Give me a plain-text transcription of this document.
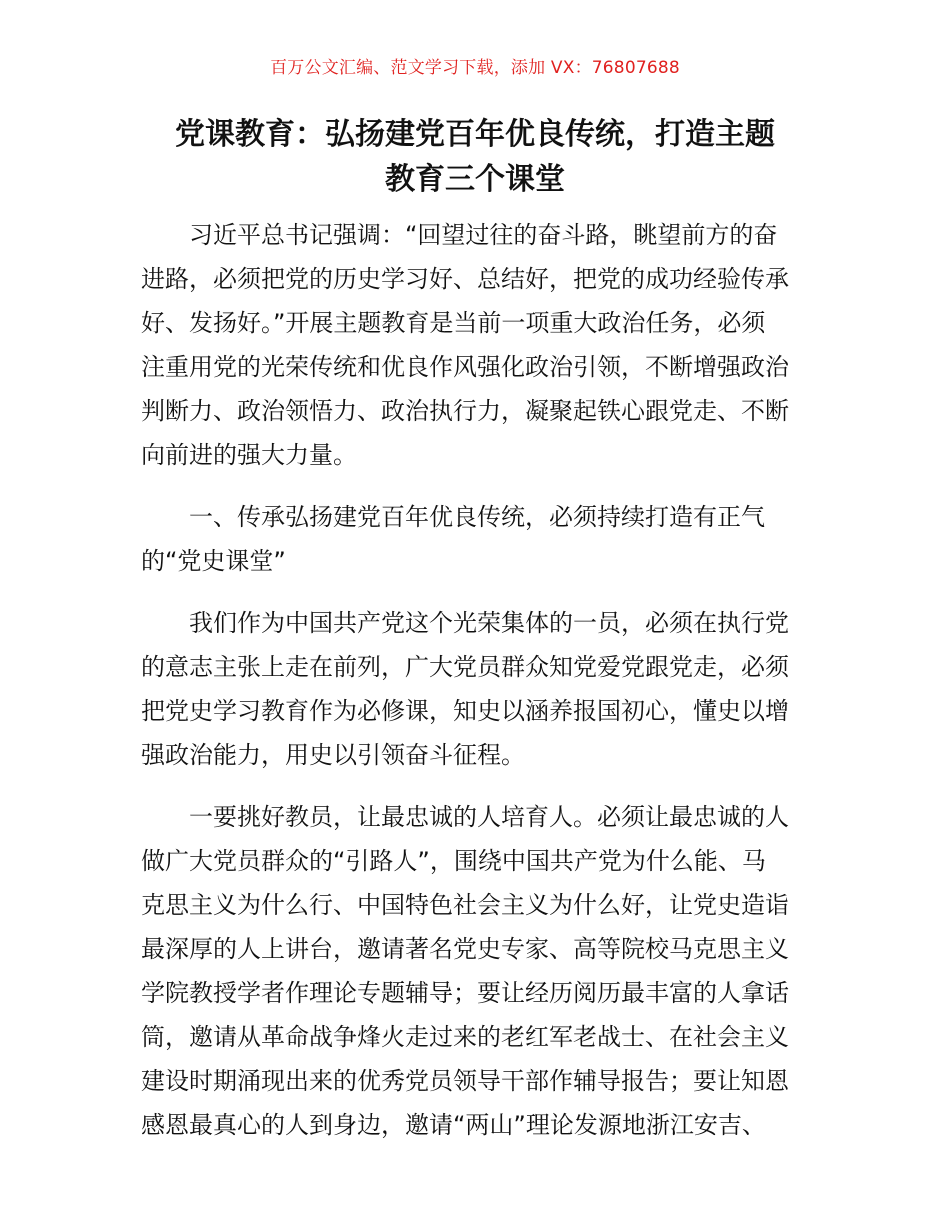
百万公文汇编、范文学习下载，添加 VX：76807688
党课教育：弘扬建党百年优良传统，打造主题
教育三个课堂

习近平总书记强调：“回望过往的奋斗路，眺望前方的奋
进路，必须把党的历史学习好、总结好，把党的成功经验传承
好、发扬好。”开展主题教育是当前一项重大政治任务，必须
注重用党的光荣传统和优良作风强化政治引领，不断增强政治
判断力、政治领悟力、政治执行力，凝聚起铁心跟党走、不断
向前进的强大力量。

一、传承弘扬建党百年优良传统，必须持续打造有正气
的“党史课堂”

我们作为中国共产党这个光荣集体的一员，必须在执行党
的意志主张上走在前列，广大党员群众知党爱党跟党走，必须
把党史学习教育作为必修课，知史以涵养报国初心，懂史以增
强政治能力，用史以引领奋斗征程。

一要挑好教员，让最忠诚的人培育人。必须让最忠诚的人
做广大党员群众的“引路人”，围绕中国共产党为什么能、马
克思主义为什么行、中国特色社会主义为什么好，让党史造诣
最深厚的人上讲台，邀请著名党史专家、高等院校马克思主义
学院教授学者作理论专题辅导；要让经历阅历最丰富的人拿话
筒，邀请从革命战争烽火走过来的老红军老战士、在社会主义
建设时期涌现出来的优秀党员领导干部作辅导报告；要让知恩
感恩最真心的人到身边，邀请“两山”理论发源地浙江安吉、
